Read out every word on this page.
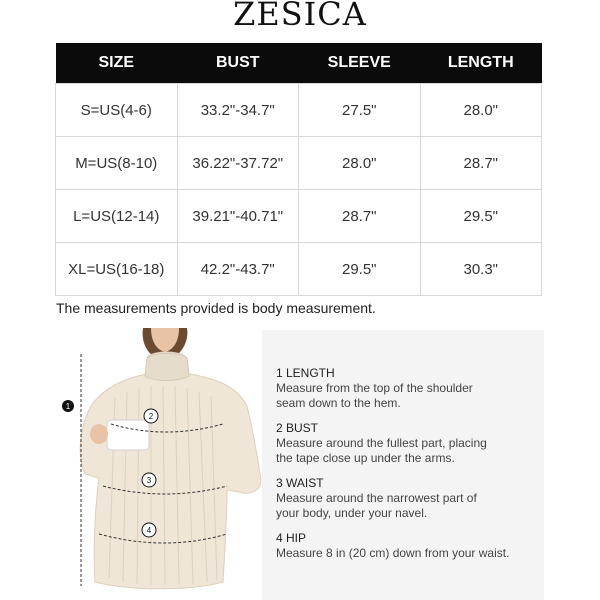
ZESICA
SIZE	BUST	SLEEVE	LENGTH
S=US(4-6)	33.2"-34.7"	27.5"	28.0"
M=US(8-10)	36.22"-37.72"	28.0"	28.7"
L=US(12-14)	39.21"-40.71"	28.7"	29.5"
XL=US(16-18)	42.2"-43.7"	29.5"	30.3"
The measurements provided is body measurement.
1
2
3
4
1 LENGTH
Measure from the top of the shoulder
seam down to the hem.
2 BUST
Measure around the fullest part, placing
the tape close up under the arms.
3 WAIST
Measure around the narrowest part of
your body, under your navel.
4 HIP
Measure 8 in (20 cm) down from your waist.
